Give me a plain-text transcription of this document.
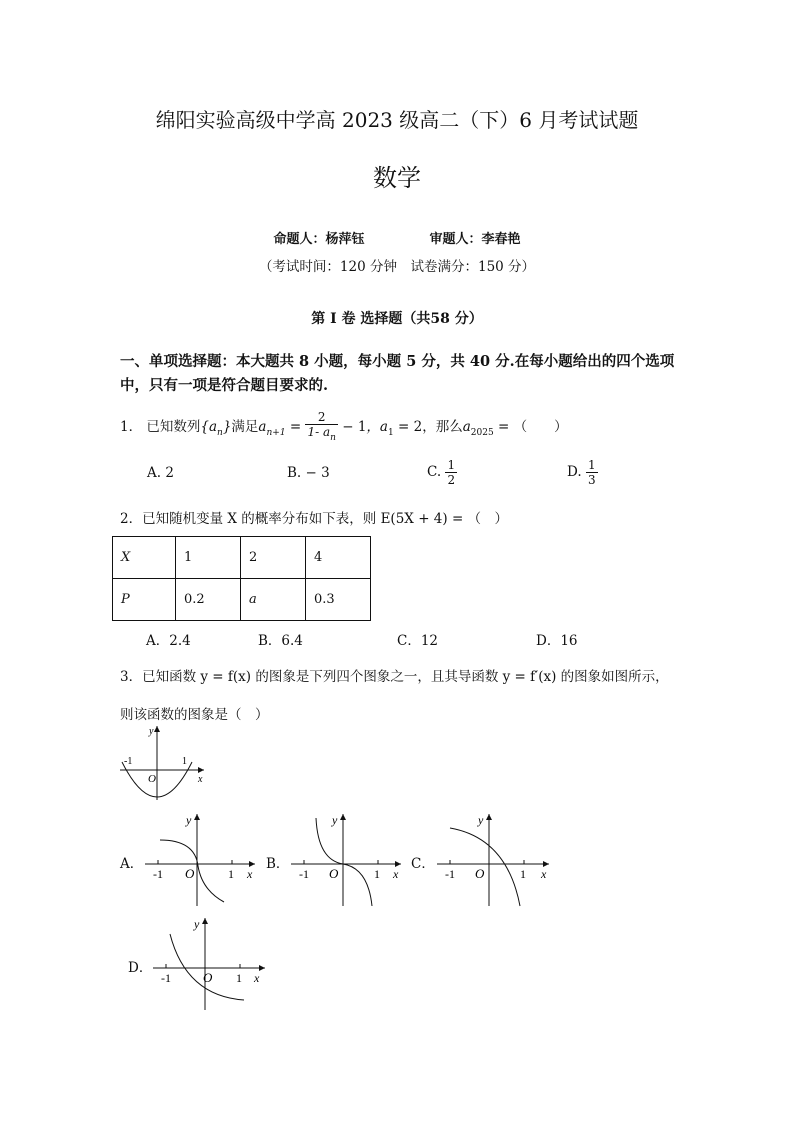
绵阳实验高级中学高 2023 级高二（下）6 月考试试题
数学
命题人：杨萍钰	审题人：李春艳
（考试时间：120 分钟　试卷满分：150 分）
第 Ⅰ 卷 选择题（共58 分）
一、单项选择题：本大题共 8 小题，每小题 5 分，共 40 分.在每小题给出的四个选项中，只有一项是符合题目要求的.
1． 已知数列$\{a_n\}$满足$a_{n+1} = \frac{2}{1- a_n} - 1$，$a_1 = 2$，那么$a_{2025}$ = （　　）
A. 2	B. − 3	C. $\frac{1}{2}$	D. $\frac{1}{3}$
2．已知随机变量 X 的概率分布如下表，则 E(5X + 4) = （　）
X	1	2	4
P	0.2	a	0.3
A．2.4	B．6.4	C．12	D．16
3．已知函数 y = f(x) 的图象是下列四个图象之一，且其导函数 y = f′(x) 的图象如图所示，
则该函数的图象是（　）
-1	1
O	x
y
A．
-1	1
O	x
y
B．
-1	1
O	x
y
C．
-1	1
O	x
y
D．
-1	1
O	x
y
